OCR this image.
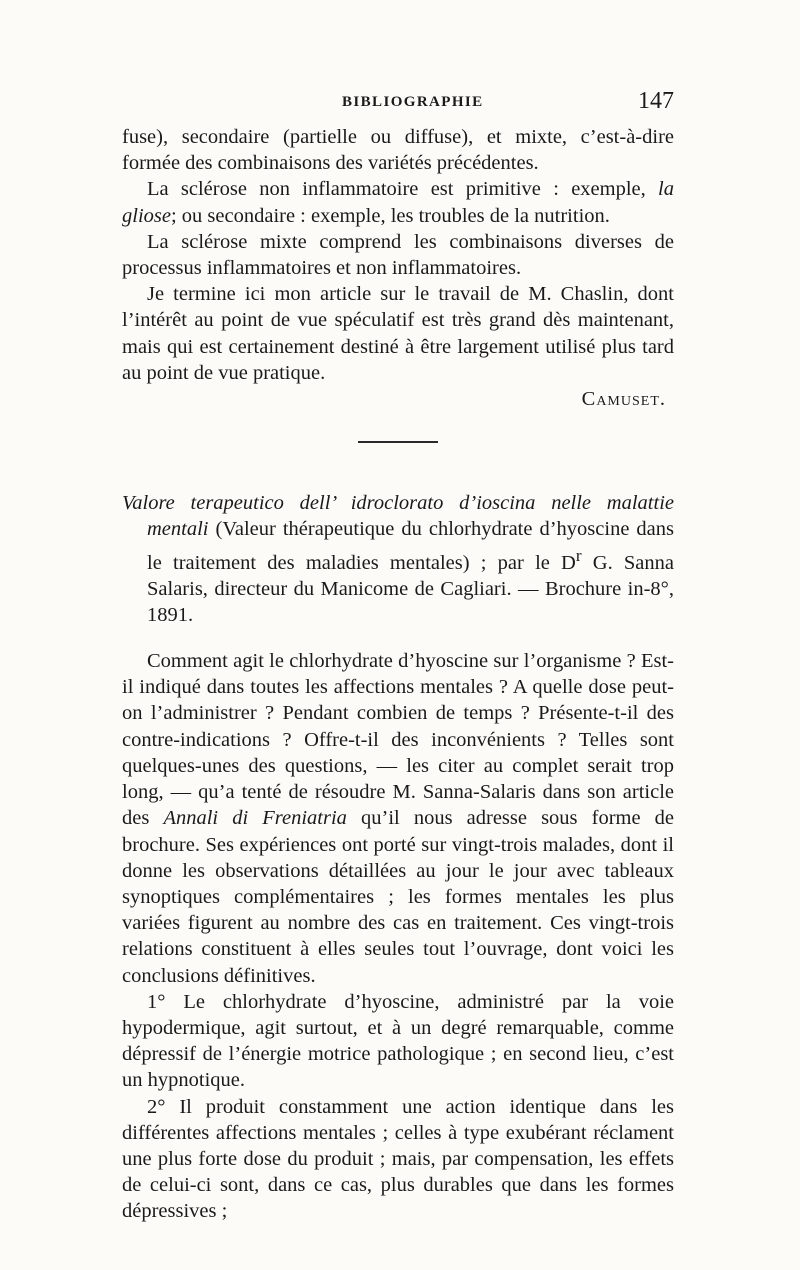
BIBLIOGRAPHIE	147

fuse), secondaire (partielle ou diffuse), et mixte, c’est-à-dire formée des combinaisons des variétés précédentes.

La sclérose non inflammatoire est primitive : exemple, la gliose; ou secondaire : exemple, les troubles de la nutrition.

La sclérose mixte comprend les combinaisons diverses de processus inflammatoires et non inflammatoires.

Je termine ici mon article sur le travail de M. Chaslin, dont l’intérêt au point de vue spéculatif est très grand dès maintenant, mais qui est certainement destiné à être largement utilisé plus tard au point de vue pratique.

Camuset.

Valore terapeutico dell’ idroclorato d’ioscina nelle malattie mentali (Valeur thérapeutique du chlorhydrate d’hyoscine dans le traitement des maladies mentales) ; par le $D^r$ G. Sanna Salaris, directeur du Manicome de Cagliari. — Brochure in-8°, 1891.

Comment agit le chlorhydrate d’hyoscine sur l’organisme ? Est-il indiqué dans toutes les affections mentales ? A quelle dose peut-on l’administrer ? Pendant combien de temps ? Présente-t-il des contre-indications ? Offre-t-il des inconvénients ? Telles sont quelques-unes des questions, — les citer au complet serait trop long, — qu’a tenté de résoudre M. Sanna-Salaris dans son article des Annali di Freniatria qu’il nous adresse sous forme de brochure. Ses expériences ont porté sur vingt-trois malades, dont il donne les observations détaillées au jour le jour avec tableaux synoptiques complémentaires ; les formes mentales les plus variées figurent au nombre des cas en traitement. Ces vingt-trois relations constituent à elles seules tout l’ouvrage, dont voici les conclusions définitives.

1° Le chlorhydrate d’hyoscine, administré par la voie hypodermique, agit surtout, et à un degré remarquable, comme dépressif de l’énergie motrice pathologique ; en second lieu, c’est un hypnotique.

2° Il produit constamment une action identique dans les différentes affections mentales ; celles à type exubérant réclament une plus forte dose du produit ; mais, par compensation, les effets de celui-ci sont, dans ce cas, plus durables que dans les formes dépressives ;
